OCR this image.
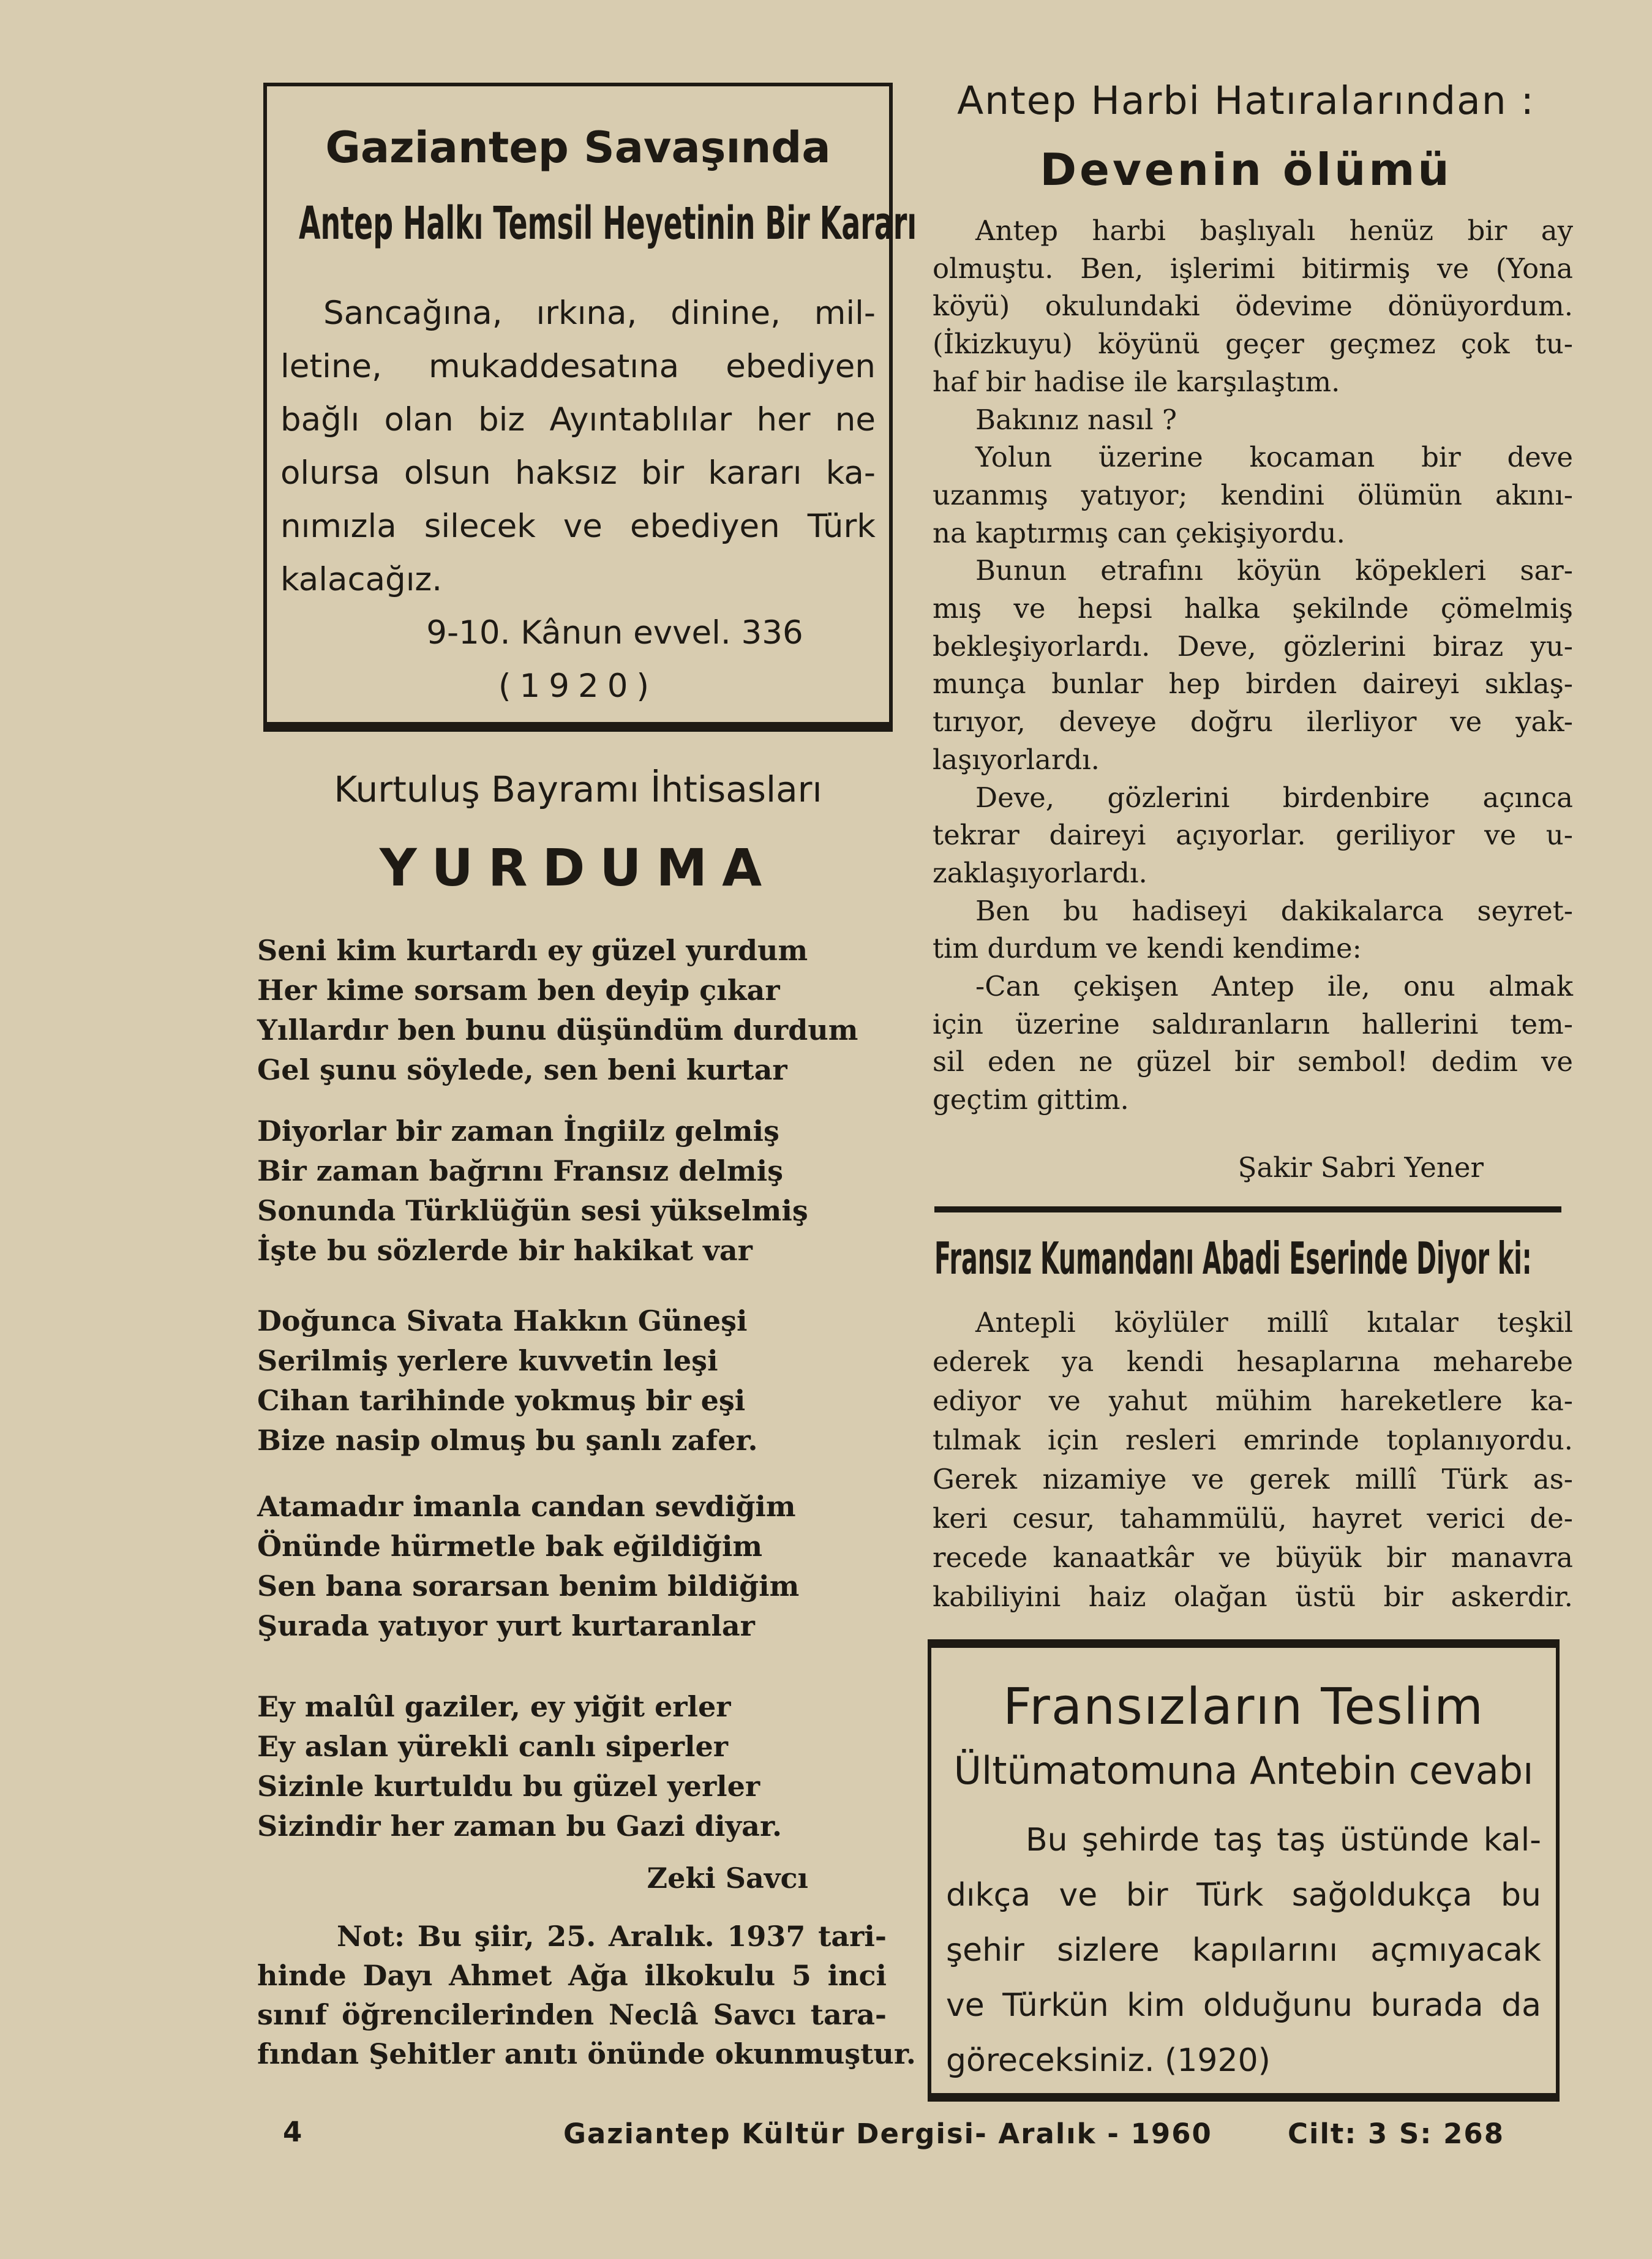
Gaziantep Savaşında
Antep Halkı Temsil Heyetinin Bir Kararı
Sancağına, ırkına, dinine, mil-
letine, mukaddesatına ebediyen
bağlı olan biz Ayıntablılar her ne
olursa olsun haksız bir kararı ka-
nımızla silecek ve ebediyen Türk
kalacağız.
9-10. Kânun evvel. 336
(1920)
Kurtuluş Bayramı İhtisasları
YURDUMA
Seni kim kurtardı ey güzel yurdum
Her kime sorsam ben deyip çıkar
Yıllardır ben bunu düşündüm durdum
Gel şunu söylede, sen beni kurtar
Diyorlar bir zaman İngiilz gelmiş
Bir zaman bağrını Fransız delmiş
Sonunda Türklüğün sesi yükselmiş
İşte bu sözlerde bir hakikat var
Doğunca Sivata Hakkın Güneşi
Serilmiş yerlere kuvvetin leşi
Cihan tarihinde yokmuş bir eşi
Bize nasip olmuş bu şanlı zafer.
Atamadır imanla candan sevdiğim
Önünde hürmetle bak eğildiğim
Sen bana sorarsan benim bildiğim
Şurada yatıyor yurt kurtaranlar
Ey malûl gaziler, ey yiğit erler
Ey aslan yürekli canlı siperler
Sizinle kurtuldu bu güzel yerler
Sizindir her zaman bu Gazi diyar.
Zeki Savcı
Not: Bu şiir, 25. Aralık. 1937 tari-
hinde Dayı Ahmet Ağa ilkokulu 5 inci
sınıf öğrencilerinden Neclâ Savcı tara-
fından Şehitler anıtı önünde okunmuştur.
Antep Harbi Hatıralarından :
Devenin ölümü
Antep harbi başlıyalı henüz bir ay
olmuştu. Ben, işlerimi bitirmiş ve (Yona
köyü) okulundaki ödevime dönüyordum.
(İkizkuyu) köyünü geçer geçmez çok tu-
haf bir hadise ile karşılaştım.
Bakınız nasıl ?
Yolun üzerine kocaman bir deve
uzanmış yatıyor; kendini ölümün akını-
na kaptırmış can çekişiyordu.
Bunun etrafını köyün köpekleri sar-
mış ve hepsi halka şekilnde çömelmiş
bekleşiyorlardı. Deve, gözlerini biraz yu-
munça bunlar hep birden daireyi sıklaş-
tırıyor, deveye doğru ilerliyor ve yak-
laşıyorlardı.
Deve, gözlerini birdenbire açınca
tekrar daireyi açıyorlar. geriliyor ve u-
zaklaşıyorlardı.
Ben bu hadiseyi dakikalarca seyret-
tim durdum ve kendi kendime:
-Can çekişen Antep ile, onu almak
için üzerine saldıranların hallerini tem-
sil eden ne güzel bir sembol! dedim ve
geçtim gittim.
Şakir Sabri Yener
Fransız Kumandanı Abadi Eserinde Diyor ki:
Antepli köylüler millî kıtalar teşkil
ederek ya kendi hesaplarına meharebe
ediyor ve yahut mühim hareketlere ka-
tılmak için resleri emrinde toplanıyordu.
Gerek nizamiye ve gerek millî Türk as-
keri cesur, tahammülü, hayret verici de-
recede kanaatkâr ve büyük bir manavra
kabiliyini haiz olağan üstü bir askerdir.
Fransızların Teslim
Ültümatomuna Antebin cevabı
Bu şehirde taş taş üstünde kal-
dıkça ve bir Türk sağoldukça bu
şehir sizlere kapılarını açmıyacak
ve Türkün kim olduğunu burada da
göreceksiniz. (1920)
4	Gaziantep Kültür Dergisi- Aralık - 1960	Cilt: 3 S: 268
